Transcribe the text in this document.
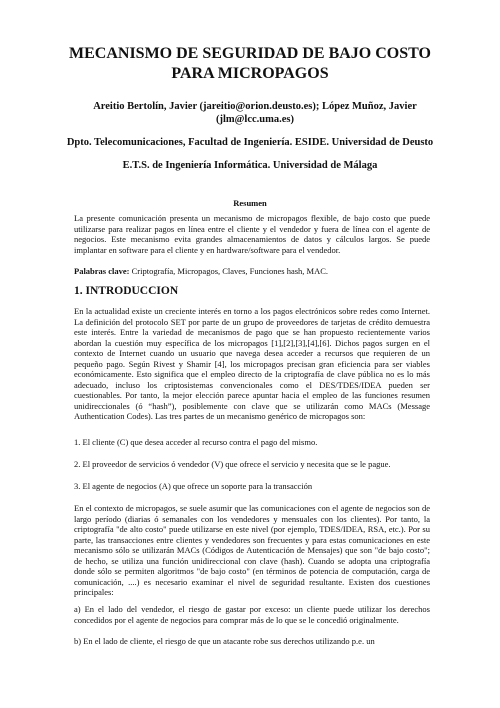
MECANISMO DE SEGURIDAD DE BAJO COSTO PARA MICROPAGOS

Areitio Bertolín, Javier (jareitio@orion.deusto.es); López Muñoz, Javier (jlm@lcc.uma.es)

Dpto. Telecomunicaciones, Facultad de Ingeniería. ESIDE. Universidad de Deusto

E.T.S. de Ingeniería Informática. Universidad de Málaga

Resumen

La presente comunicación presenta un mecanismo de micropagos flexible, de bajo costo que puede utilizarse para realizar pagos en línea entre el cliente y el vendedor y fuera de línea con el agente de negocios. Este mecanismo evita grandes almacenamientos de datos y cálculos largos. Se puede implantar en software para el cliente y en hardware/software para el vendedor.

Palabras clave: Criptografía, Micropagos, Claves, Funciones hash, MAC.

1. INTRODUCCION

En la actualidad existe un creciente interés en torno a los pagos electrónicos sobre redes como Internet. La definición del protocolo SET por parte de un grupo de proveedores de tarjetas de crédito demuestra este interés. Entre la variedad de mecanismos de pago que se han propuesto recientemente varios abordan la cuestión muy específica de los micropagos [1],[2],[3],[4],[6]. Dichos pagos surgen en el contexto de Internet cuando un usuario que navega desea acceder a recursos que requieren de un pequeño pago. Según Rivest y Shamir [4], los micropagos precisan gran eficiencia para ser viables económicamente. Esto significa que el empleo directo de la criptografía de clave pública no es lo más adecuado, incluso los criptosistemas convencionales como el DES/TDES/IDEA pueden ser cuestionables. Por tanto, la mejor elección parece apuntar hacia el empleo de las funciones resumen unidireccionales (ó “hash”), posiblemente con clave que se utilizarán como MACs (Message Authentication Codes). Las tres partes de un mecanismo genérico de micropagos son:

1. El cliente (C) que desea acceder al recurso contra el pago del mismo.

2. El proveedor de servicios ó vendedor (V) que ofrece el servicio y necesita que se le pague.

3. El agente de negocios (A) que ofrece un soporte para la transacción

En el contexto de micropagos, se suele asumir que las comunicaciones con el agente de negocios son de largo período (diarias ó semanales con los vendedores y mensuales con los clientes). Por tanto, la criptografía "de alto costo" puede utilizarse en este nivel (por ejemplo, TDES/IDEA, RSA, etc.). Por su parte, las transacciones entre clientes y vendedores son frecuentes y para estas comunicaciones en este mecanismo sólo se utilizarán MACs (Códigos de Autenticación de Mensajes) que son "de bajo costo"; de hecho, se utiliza una función unidireccional con clave (hash). Cuando se adopta una criptografía donde sólo se permiten algoritmos "de bajo costo" (en términos de potencia de computación, carga de comunicación, ....) es necesario examinar el nivel de seguridad resultante. Existen dos cuestiones principales:

a) En el lado del vendedor, el riesgo de gastar por exceso: un cliente puede utilizar los derechos concedidos por el agente de negocios para comprar más de lo que se le concedió originalmente.

b) En el lado de cliente, el riesgo de que un atacante robe sus derechos utilizando p.e. un
